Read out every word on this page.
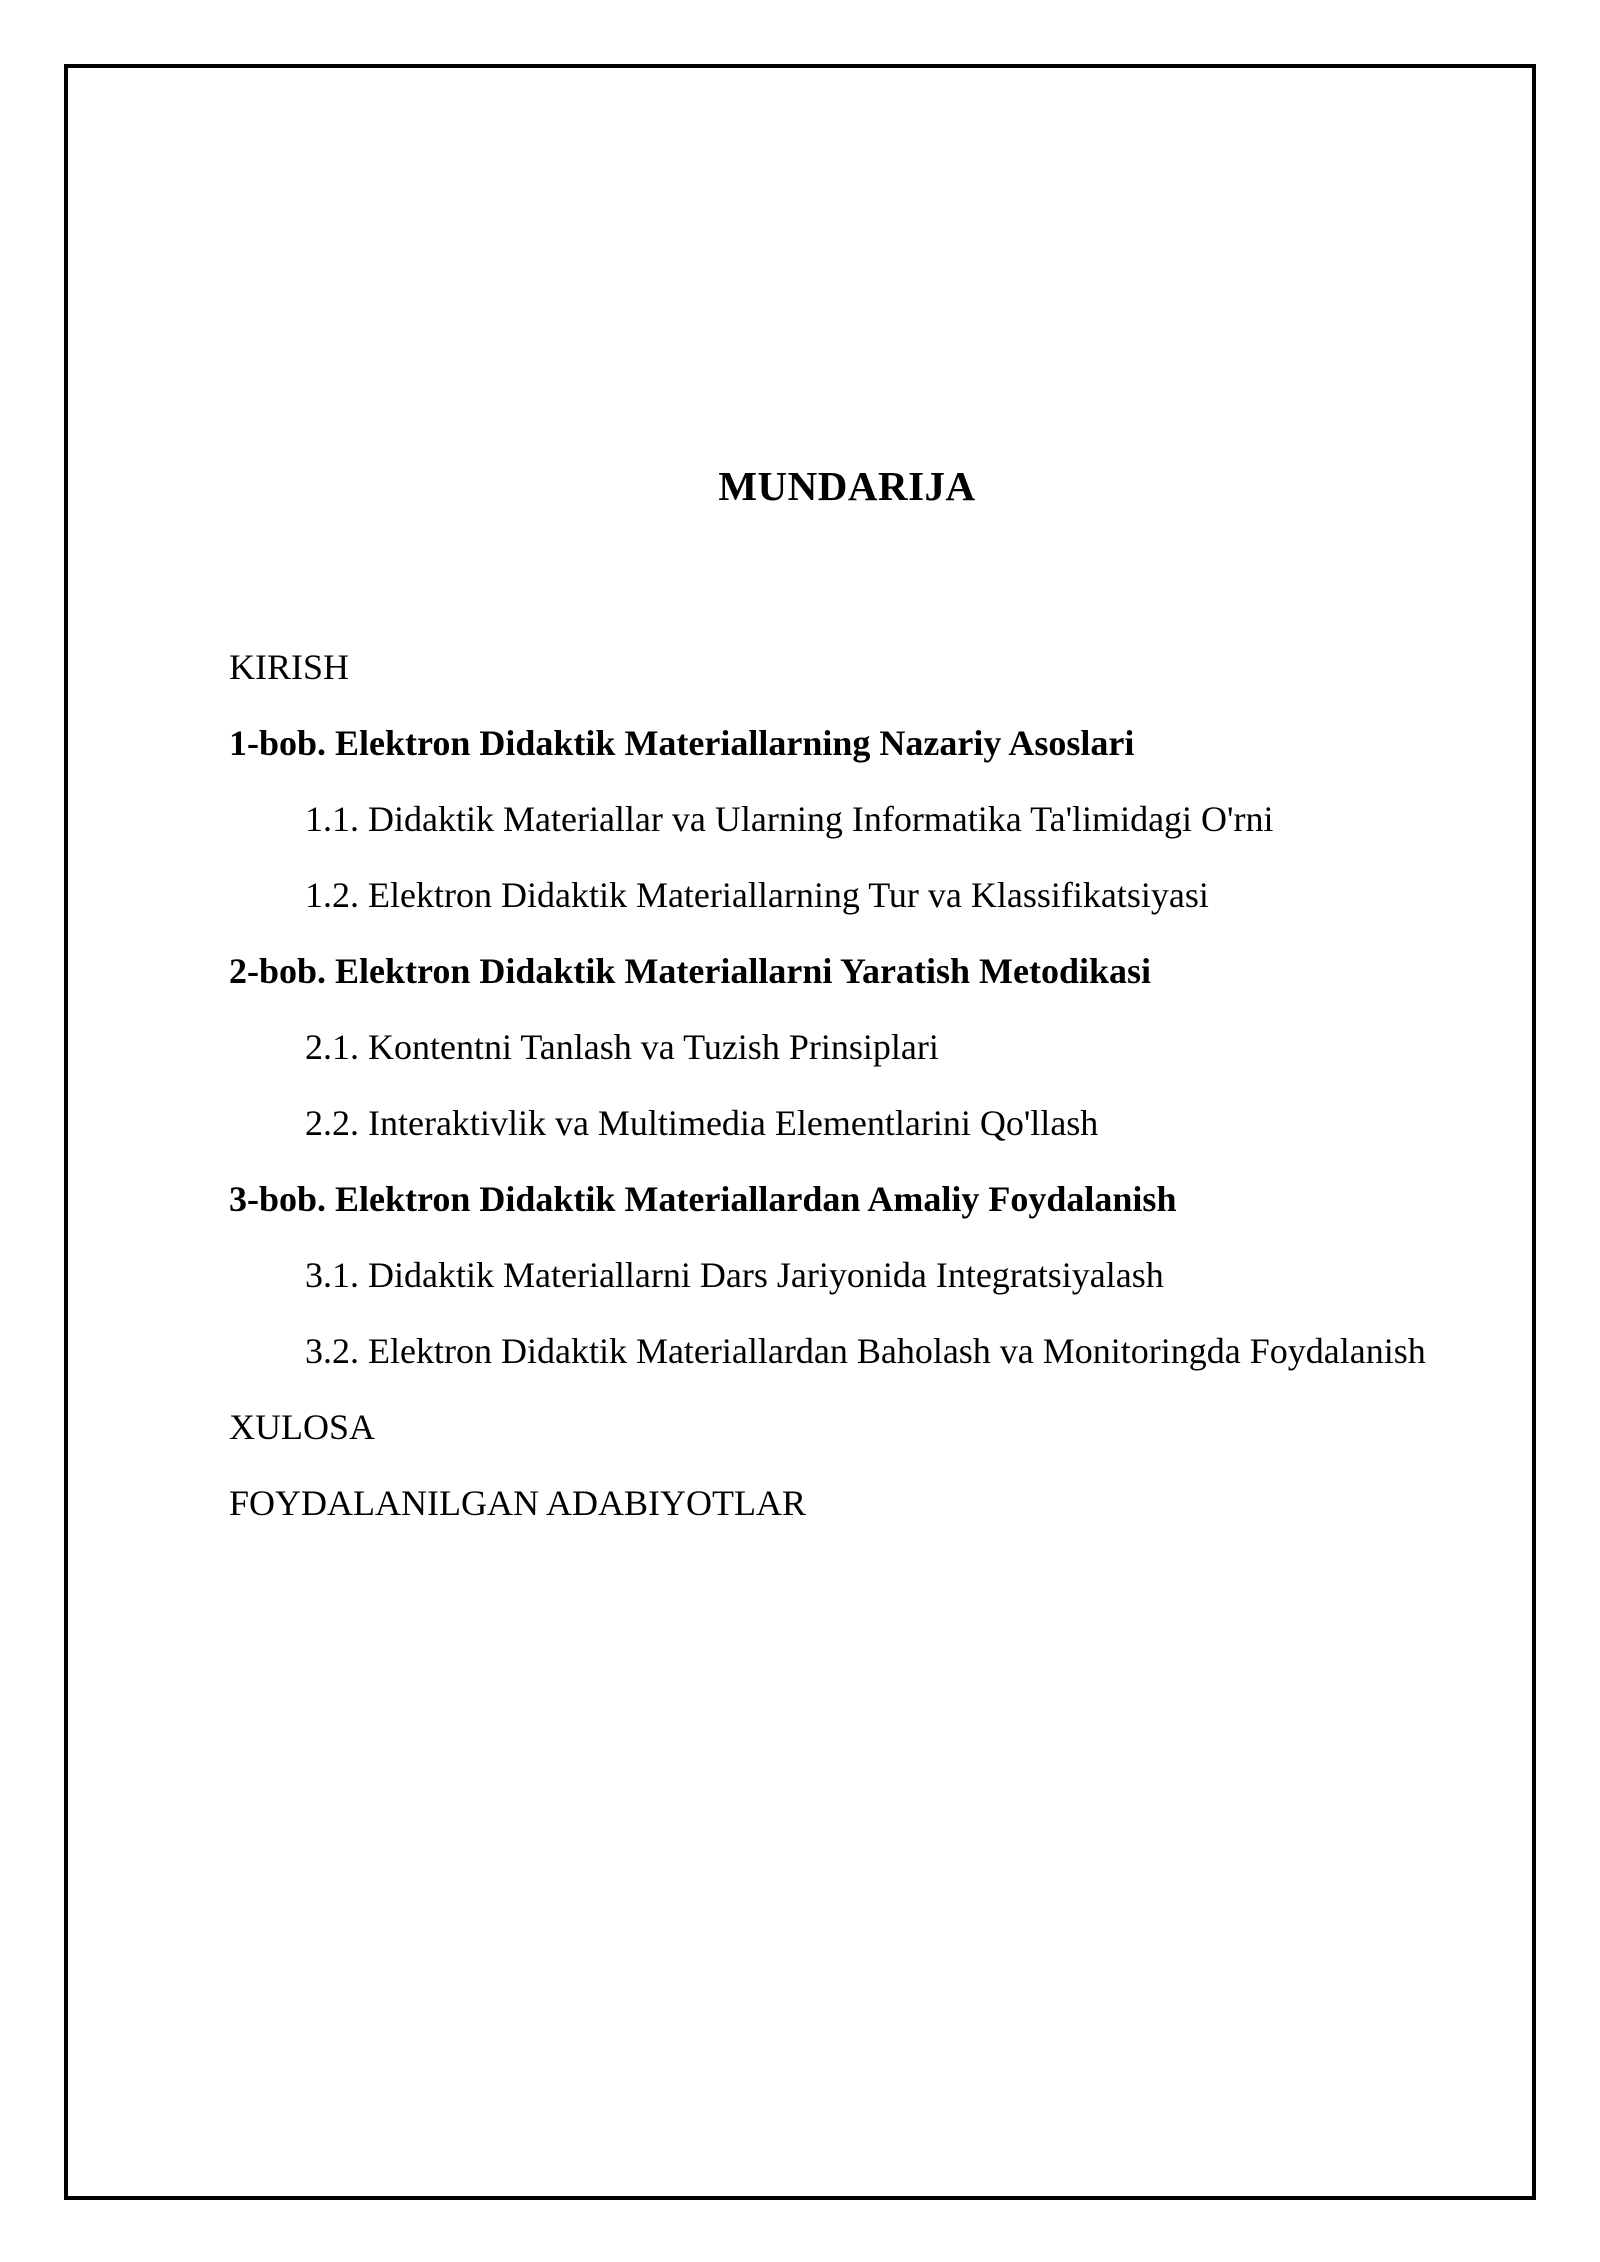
MUNDARIJA
KIRISH
1-bob. Elektron Didaktik Materiallarning Nazariy Asoslari
1.1. Didaktik Materiallar va Ularning Informatika Ta'limidagi O'rni
1.2. Elektron Didaktik Materiallarning Tur va Klassifikatsiyasi
2-bob. Elektron Didaktik Materiallarni Yaratish Metodikasi
2.1. Kontentni Tanlash va Tuzish Prinsiplari
2.2. Interaktivlik va Multimedia Elementlarini Qo'llash
3-bob. Elektron Didaktik Materiallardan Amaliy Foydalanish
3.1. Didaktik Materiallarni Dars Jariyonida Integratsiyalash
3.2. Elektron Didaktik Materiallardan Baholash va Monitoringda Foydalanish
XULOSA
FOYDALANILGAN ADABIYOTLAR
